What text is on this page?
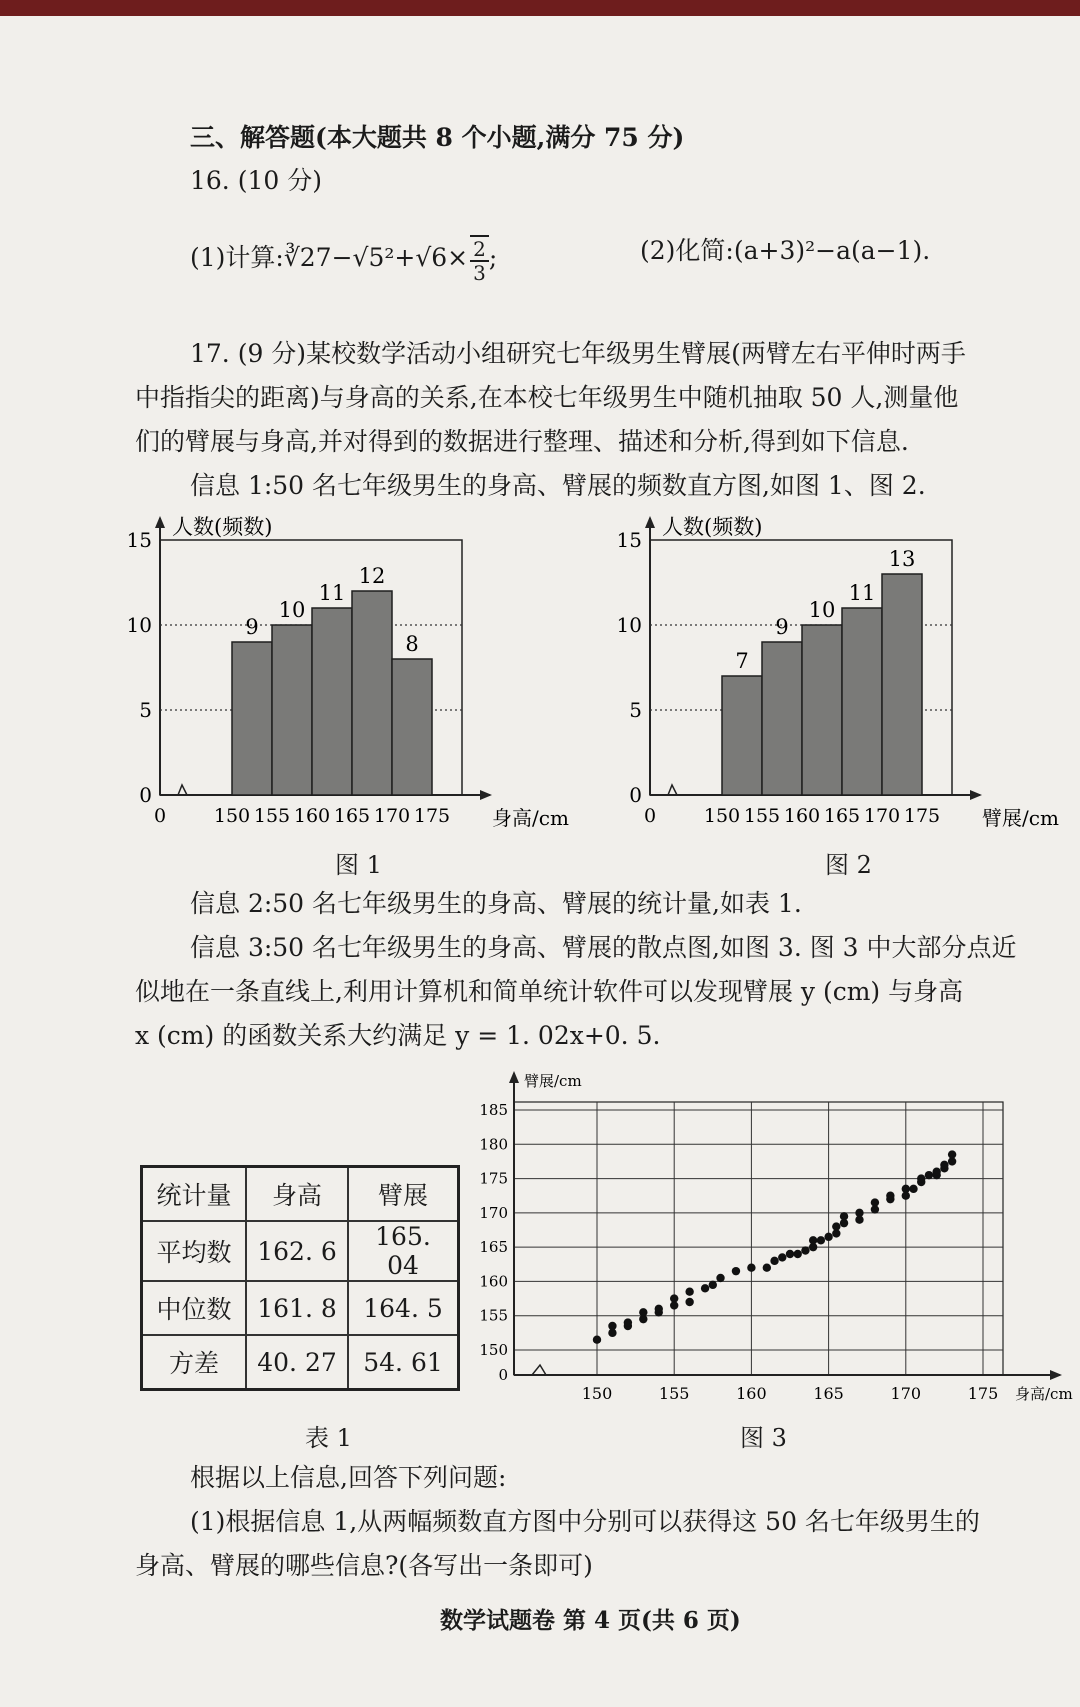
三、解答题(本大题共 8 个小题,满分 75 分)
16. (10 分)
(1)计算:∛27−√5²+√6× $\frac{2}{3}$ ;	(2)化简:(a+3)²−a(a−1).
17. (9 分)某校数学活动小组研究七年级男生臂展(两臂左右平伸时两手
中指指尖的距离)与身高的关系,在本校七年级男生中随机抽取 50 人,测量他
们的臂展与身高,并对得到的数据进行整理、描述和分析,得到如下信息.
信息 1:50 名七年级男生的身高、臂展的频数直方图,如图 1、图 2.
人数(频数)
0
5
10
15
9
10
11
12
8
150 155 160 165 170 175
0	身高/cm
图 1
人数(频数)
0
5
10
15
7
9
10
11
13
150 155 160 165 170 175
0	臂展/cm
图 2
信息 2:50 名七年级男生的身高、臂展的统计量,如表 1.
信息 3:50 名七年级男生的身高、臂展的散点图,如图 3. 图 3 中大部分点近
似地在一条直线上,利用计算机和简单统计软件可以发现臂展 y (cm) 与身高
x (cm) 的函数关系大约满足 y = 1. 02x+0. 5.
统计量	身高	臂展
平均数	162. 6	165. 04
中位数	161. 8	164. 5
方差	40. 27	54. 61
表 1
150	155	160	165	170	175
150
155
160
165
170
175
180
185
0
臂展/cm
身高/cm
图 3
根据以上信息,回答下列问题:
(1)根据信息 1,从两幅频数直方图中分别可以获得这 50 名七年级男生的
身高、臂展的哪些信息?(各写出一条即可)
数学试题卷 第 4 页(共 6 页)
